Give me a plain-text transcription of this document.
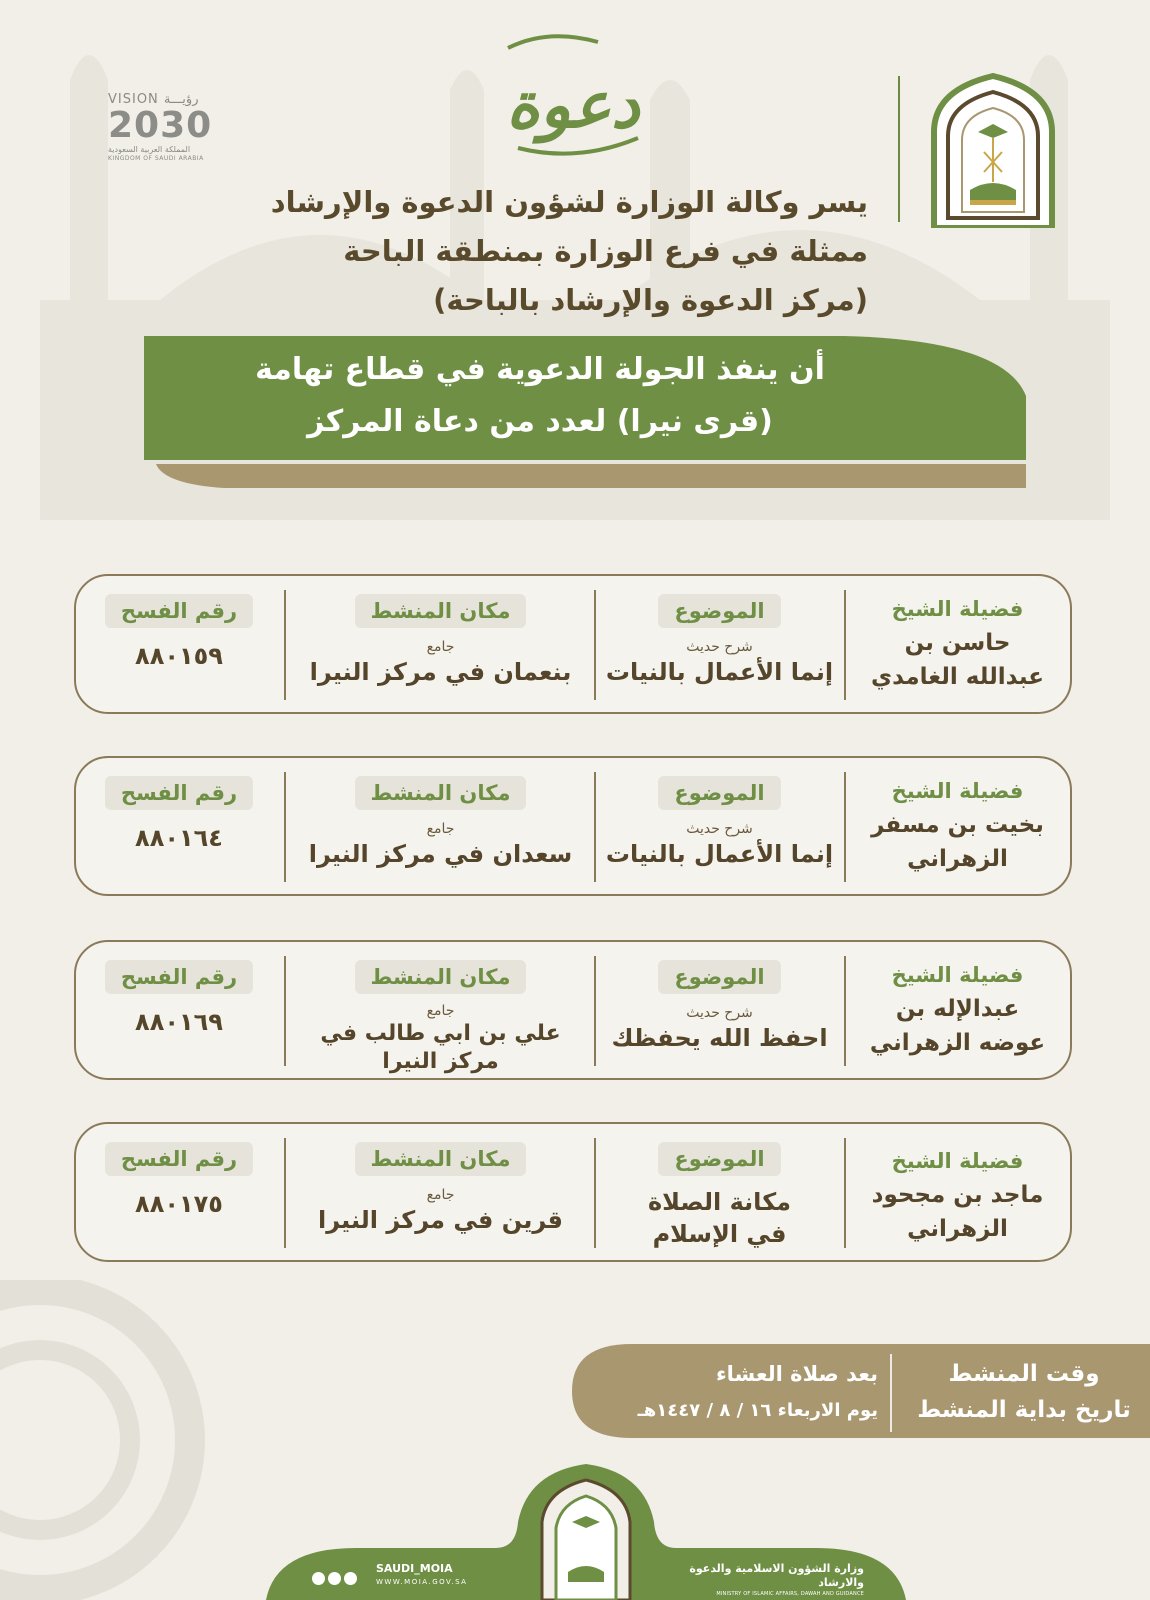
VISION رؤيـــة
2030
المملكة العربية السعودية
KINGDOM OF SAUDI ARABIA
دعوة
يسر وكالة الوزارة لشؤون الدعوة والإرشاد
ممثلة في فرع الوزارة بمنطقة الباحة
(مركز الدعوة والإرشاد بالباحة)
أن ينفذ الجولة الدعوية في قطاع تهامة
(قرى نيرا) لعدد من دعاة المركز
فضيلة الشيخ
حاسن بن
عبدالله الغامدي
الموضوع
شرح حديث
إنما الأعمال بالنيات
مكان المنشط
جامع
بنعمان في مركز النيرا
رقم الفسح
٨٨٠١٥٩
فضيلة الشيخ
بخيت بن مسفر
الزهراني
الموضوع
شرح حديث
إنما الأعمال بالنيات
مكان المنشط
جامع
سعدان في مركز النيرا
رقم الفسح
٨٨٠١٦٤
فضيلة الشيخ
عبدالإله بن
عوضه الزهراني
الموضوع
شرح حديث
احفظ الله يحفظك
مكان المنشط
جامع
علي بن ابي طالب في
مركز النيرا
رقم الفسح
٨٨٠١٦٩
فضيلة الشيخ
ماجد بن مجحود
الزهراني
الموضوع
مكانة الصلاة
في الإسلام
مكان المنشط
جامع
قرين في مركز النيرا
رقم الفسح
٨٨٠١٧٥
وقت المنشط
تاريخ بداية المنشط
بعد صلاة العشاء
يوم الاربعاء ١٦ / ٨ / ١٤٤٧هـ
وزارة الشؤون الاسلامية والدعوة والارشاد
MINISTRY OF ISLAMIC AFFAIRS, DAWAH AND GUIDANCE
SAUDI_MOIA
WWW.MOIA.GOV.SA
